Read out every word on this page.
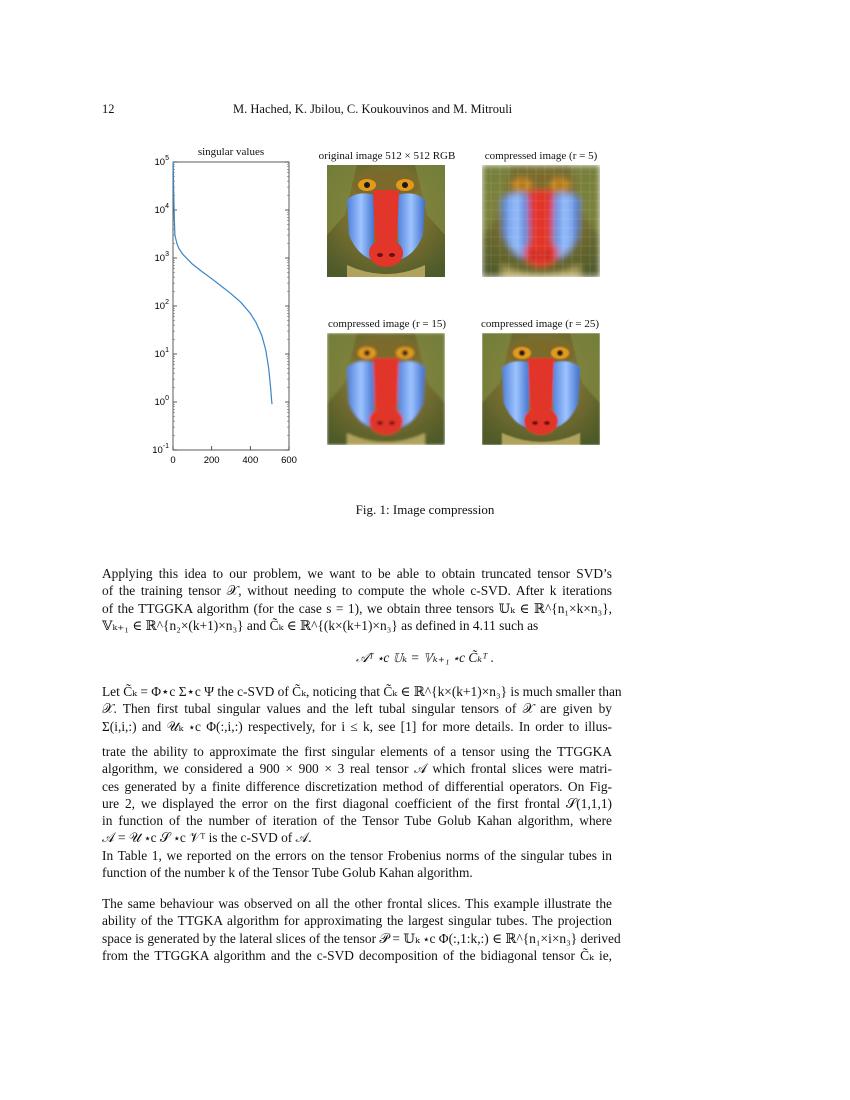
12	M. Hached, K. Jbilou, C. Koukouvinos and M. Mitrouli
singular values
$10^5$
$10^4$
$10^3$
$10^2$
$10^1$
$10^0$
$10^{-1}$
0	200 400 600
original image 512 × 512 RGB	compressed image (r = 5)
compressed image (r = 15)	compressed image (r = 25)
Fig. 1: Image compression
Applying this idea to our problem, we want to be able to obtain truncated tensor SVD’s
of the training tensor 𝒳, without needing to compute the whole c-SVD. After k iterations
of the TTGGKA algorithm (for the case s = 1), we obtain three tensors 𝕌ₖ ∈ ℝ^{n₁×k×n₃},
𝕍ₖ₊₁ ∈ ℝ^{n₂×(k+1)×n₃} and C̃ₖ ∈ ℝ^{(k×(k+1)×n₃} as defined in 4.11 such as
𝒜ᵀ ⋆c 𝕌ₖ = 𝕍ₖ₊₁ ⋆c C̃ₖᵀ .
Let C̃ₖ = Φ⋆c Σ⋆c Ψ the c-SVD of C̃ₖ, noticing that C̃ₖ ∈ ℝ^{k×(k+1)×n₃} is much smaller than
𝒳. Then first tubal singular values and the left tubal singular tensors of 𝒳 are given by
Σ(i,i,:) and 𝒰ₖ ⋆c Φ(:,i,:) respectively, for i ≤ k, see [1] for more details. In order to illus-
trate the ability to approximate the first singular elements of a tensor using the TTGGKA
algorithm, we considered a 900 × 900 × 3 real tensor 𝒜 which frontal slices were matri-
ces generated by a finite difference discretization method of differential operators. On Fig-
ure 2, we displayed the error on the first diagonal coefficient of the first frontal 𝒮(1,1,1)
in function of the number of iteration of the Tensor Tube Golub Kahan algorithm, where
𝒜 = 𝒰 ⋆c 𝒮 ⋆c 𝒱ᵀ is the c-SVD of 𝒜.
In Table 1, we reported on the errors on the tensor Frobenius norms of the singular tubes in
function of the number k of the Tensor Tube Golub Kahan algorithm.
The same behaviour was observed on all the other frontal slices. This example illustrate the
ability of the TTGKA algorithm for approximating the largest singular tubes. The projection
space is generated by the lateral slices of the tensor 𝒫 = 𝕌ₖ ⋆c Φ(:,1:k,:) ∈ ℝ^{n₁×i×n₃} derived
from the TTGGKA algorithm and the c-SVD decomposition of the bidiagonal tensor C̃ₖ ie,
